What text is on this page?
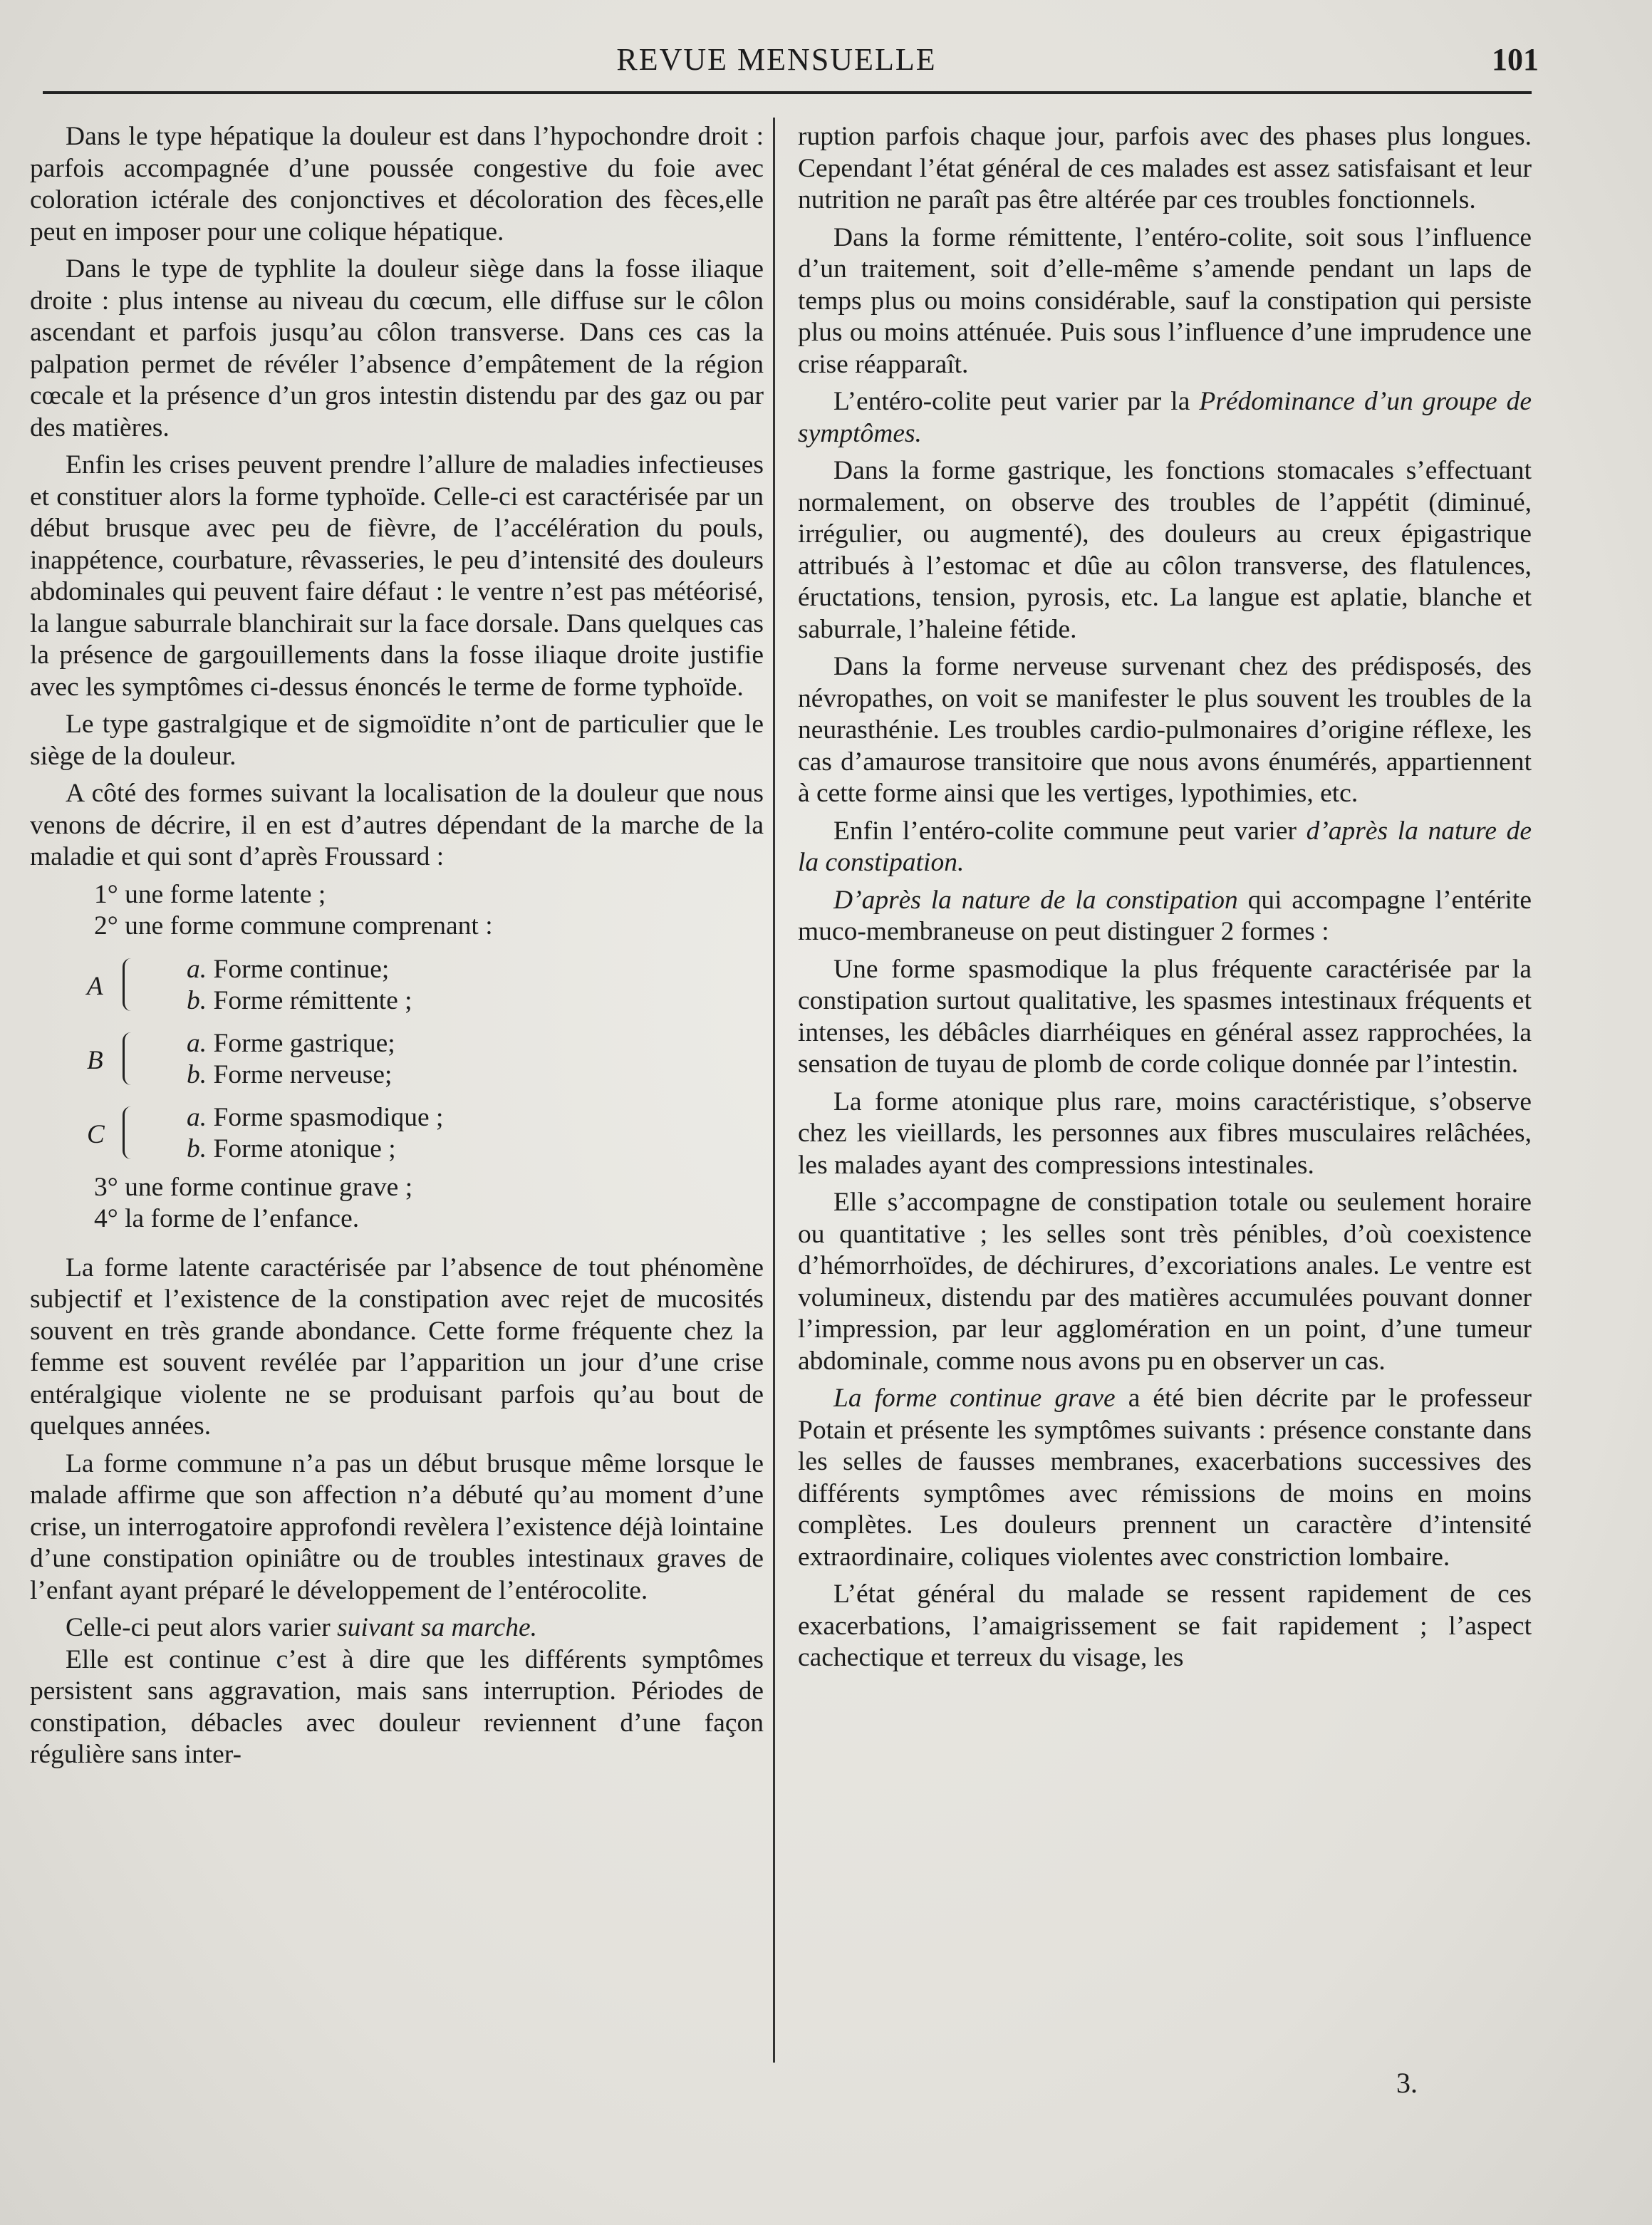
REVUE MENSUELLE	101

Dans le type hépatique la douleur est dans l’hypochondre droit : parfois accompagnée d’une poussée congestive du foie avec coloration ictérale des conjonctives et décoloration des fèces,elle peut en imposer pour une colique hépatique.

Dans le type de typhlite la douleur siège dans la fosse iliaque droite : plus intense au niveau du cœcum, elle diffuse sur le côlon ascendant et parfois jusqu’au côlon transverse. Dans ces cas la palpation permet de révéler l’absence d’empâtement de la région cœcale et la présence d’un gros intestin distendu par des gaz ou par des matières.

Enfin les crises peuvent prendre l’allure de maladies infectieuses et constituer alors la forme typhoïde. Celle-ci est caractérisée par un début brusque avec peu de fièvre, de l’accélération du pouls, inappétence, courbature, rêvasseries, le peu d’intensité des douleurs abdominales qui peuvent faire défaut : le ventre n’est pas météorisé, la langue saburrale blanchirait sur la face dorsale. Dans quelques cas la présence de gargouillements dans la fosse iliaque droite justifie avec les symptômes ci-dessus énoncés le terme de forme typhoïde.

Le type gastralgique et de sigmoïdite n’ont de particulier que le siège de la douleur.

A côté des formes suivant la localisation de la douleur que nous venons de décrire, il en est d’autres dépendant de la marche de la maladie et qui sont d’après Froussard :

1° une forme latente ;

2° une forme commune comprenant :

A

a. Forme continue;

b. Forme rémittente ;

B

a. Forme gastrique;

b. Forme nerveuse;

C

a. Forme spasmodique ;

b. Forme atonique ;

3° une forme continue grave ;

4° la forme de l’enfance.

La forme latente caractérisée par l’absence de tout phénomène subjectif et l’existence de la constipation avec rejet de mucosités souvent en très grande abondance. Cette forme fréquente chez la femme est souvent revélée par l’apparition un jour d’une crise entéralgique violente ne se produisant parfois qu’au bout de quelques années.

La forme commune n’a pas un début brusque même lorsque le malade affirme que son affection n’a débuté qu’au moment d’une crise, un interrogatoire approfondi revèlera l’existence déjà lointaine d’une constipation opiniâtre ou de troubles intestinaux graves de l’enfant ayant préparé le développement de l’entérocolite.

Celle-ci peut alors varier suivant sa marche.

Elle est continue c’est à dire que les différents symptômes persistent sans aggravation, mais sans interruption. Périodes de constipation, débacles avec douleur reviennent d’une façon régulière sans inter-

ruption parfois chaque jour, parfois avec des phases plus longues. Cependant l’état général de ces malades est assez satisfaisant et leur nutrition ne paraît pas être altérée par ces troubles fonctionnels.

Dans la forme rémittente, l’entéro-colite, soit sous l’influence d’un traitement, soit d’elle-même s’amende pendant un laps de temps plus ou moins considérable, sauf la constipation qui persiste plus ou moins atténuée. Puis sous l’influence d’une imprudence une crise réapparaît.

L’entéro-colite peut varier par la Prédominance d’un groupe de symptômes.

Dans la forme gastrique, les fonctions stomacales s’effectuant normalement, on observe des troubles de l’appétit (diminué, irrégulier, ou augmenté), des douleurs au creux épigastrique attribués à l’estomac et dûe au côlon transverse, des flatulences, éructations, tension, pyrosis, etc. La langue est aplatie, blanche et saburrale, l’haleine fétide.

Dans la forme nerveuse survenant chez des prédisposés, des névropathes, on voit se manifester le plus souvent les troubles de la neurasthénie. Les troubles cardio-pulmonaires d’origine réflexe, les cas d’amaurose transitoire que nous avons énumérés, appartiennent à cette forme ainsi que les vertiges, lypothimies, etc.

Enfin l’entéro-colite commune peut varier d’après la nature de la constipation.

D’après la nature de la constipation qui accompagne l’entérite muco-membraneuse on peut distinguer 2 formes :

Une forme spasmodique la plus fréquente caractérisée par la constipation surtout qualitative, les spasmes intestinaux fréquents et intenses, les débâcles diarrhéiques en général assez rapprochées, la sensation de tuyau de plomb de corde colique donnée par l’intestin.

La forme atonique plus rare, moins caractéristique, s’observe chez les vieillards, les personnes aux fibres musculaires relâchées, les malades ayant des compressions intestinales.

Elle s’accompagne de constipation totale ou seulement horaire ou quantitative ; les selles sont très pénibles, d’où coexistence d’hémorrhoïdes, de déchirures, d’excoriations anales. Le ventre est volumineux, distendu par des matières accumulées pouvant donner l’impression, par leur agglomération en un point, d’une tumeur abdominale, comme nous avons pu en observer un cas.

La forme continue grave a été bien décrite par le professeur Potain et présente les symptômes suivants : présence constante dans les selles de fausses membranes, exacerbations successives des différents symptômes avec rémissions de moins en moins complètes. Les douleurs prennent un caractère d’intensité extraordinaire, coliques violentes avec constriction lombaire.

L’état général du malade se ressent rapidement de ces exacerbations, l’amaigrissement se fait rapidement ; l’aspect cachectique et terreux du visage, les

3.
